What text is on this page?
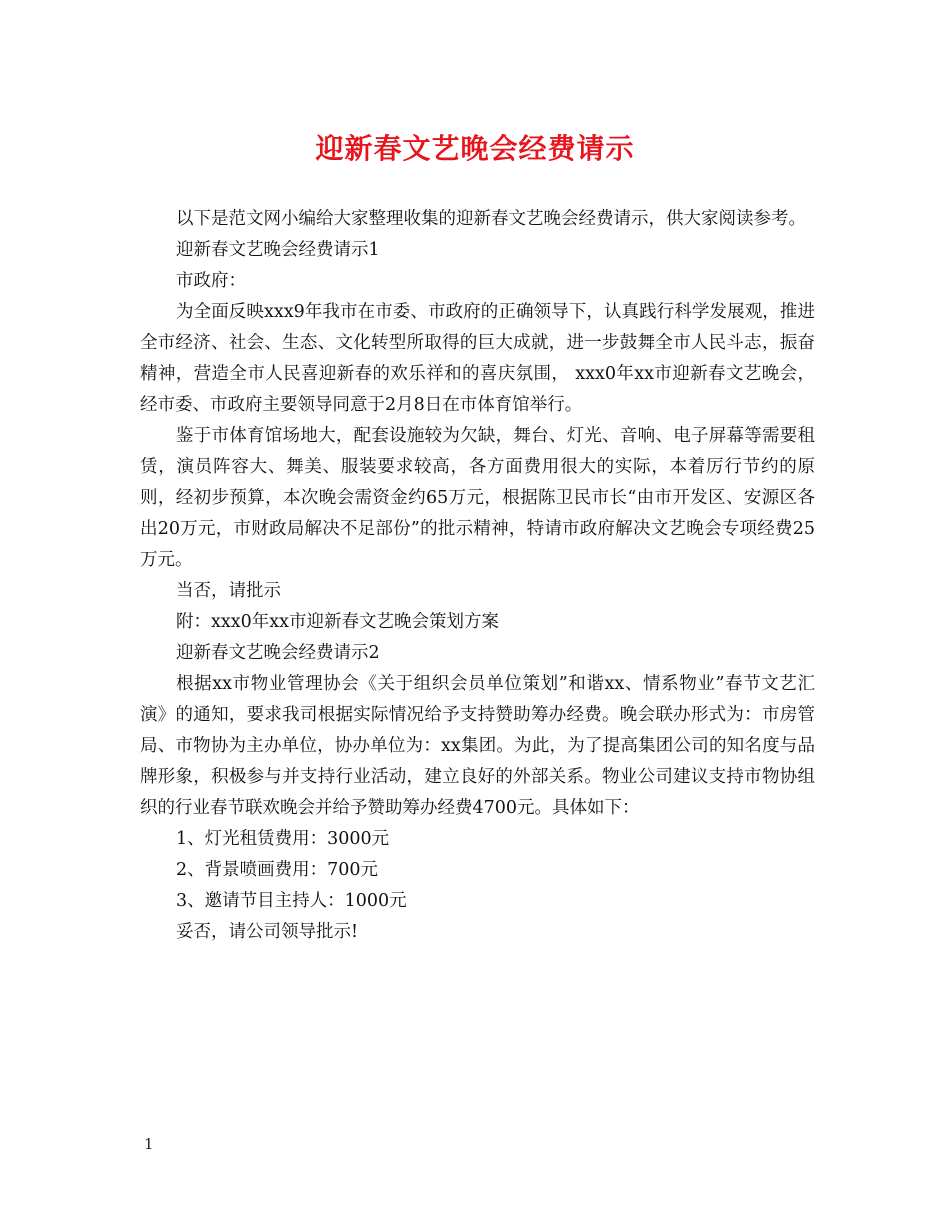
迎新春文艺晚会经费请示

以下是范文网小编给大家整理收集的迎新春文艺晚会经费请示，供大家阅读参考。

迎新春文艺晚会经费请示1

市政府：

为全面反映xxx9年我市在市委、市政府的正确领导下，认真践行科学发展观，推进全市经济、社会、生态、文化转型所取得的巨大成就，进一步鼓舞全市人民斗志，振奋精神，营造全市人民喜迎新春的欢乐祥和的喜庆氛围， xxx0年xx市迎新春文艺晚会，经市委、市政府主要领导同意于2月8日在市体育馆举行。

鉴于市体育馆场地大，配套设施较为欠缺，舞台、灯光、音响、电子屏幕等需要租赁，演员阵容大、舞美、服装要求较高，各方面费用很大的实际，本着厉行节约的原则，经初步预算，本次晚会需资金约65万元，根据陈卫民市长“由市开发区、安源区各出20万元，市财政局解决不足部份”的批示精神，特请市政府解决文艺晚会专项经费25万元。

当否，请批示

附：xxx0年xx市迎新春文艺晚会策划方案

迎新春文艺晚会经费请示2

根据xx市物业管理协会《关于组织会员单位策划”和谐xx、情系物业”春节文艺汇演》的通知，要求我司根据实际情况给予支持赞助筹办经费。晚会联办形式为：市房管局、市物协为主办单位，协办单位为：xx集团。为此，为了提高集团公司的知名度与品牌形象，积极参与并支持行业活动，建立良好的外部关系。物业公司建议支持市物协组织的行业春节联欢晚会并给予赞助筹办经费4700元。具体如下：

1、灯光租赁费用：3000元

2、背景喷画费用：700元

3、邀请节目主持人：1000元

妥否，请公司领导批示!

1
